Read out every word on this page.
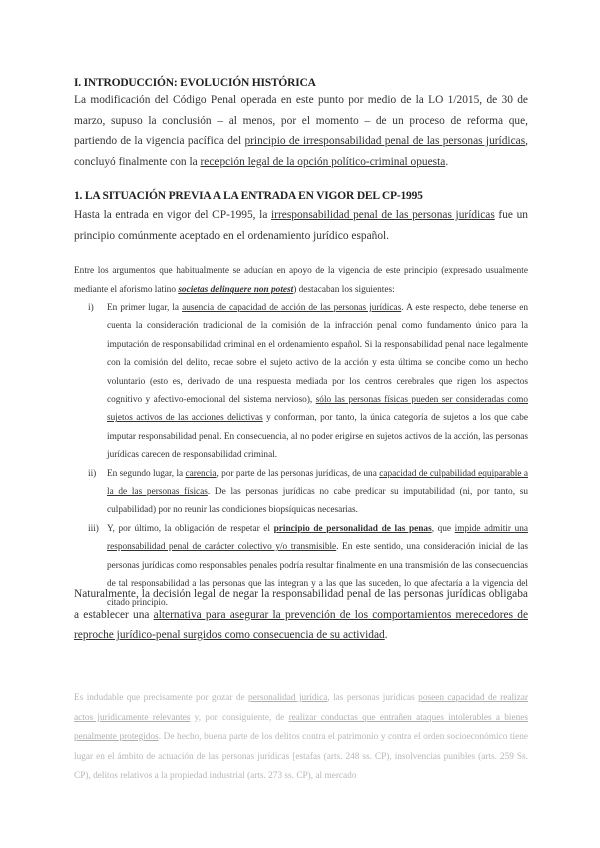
I. INTRODUCCIÓN: EVOLUCIÓN HISTÓRICA

La modificación del Código Penal operada en este punto por medio de la LO 1/2015, de 30 de marzo, supuso la conclusión – al menos, por el momento – de un proceso de reforma que, partiendo de la vigencia pacífica del principio de irresponsabilidad penal de las personas jurídicas, concluyó finalmente con la recepción legal de la opción político-criminal opuesta.

1. LA SITUACIÓN PREVIA A LA ENTRADA EN VIGOR DEL CP-1995

Hasta la entrada en vigor del CP-1995, la irresponsabilidad penal de las personas jurídicas fue un principio comúnmente aceptado en el ordenamiento jurídico español.

Entre los argumentos que habitualmente se aducían en apoyo de la vigencia de este principio (expresado usualmente mediante el aforismo latino societas delinquere non potest) destacaban los siguientes:

i) En primer lugar, la ausencia de capacidad de acción de las personas jurídicas. A este respecto, debe tenerse en cuenta la consideración tradicional de la comisión de la infracción penal como fundamento único para la imputación de responsabilidad criminal en el ordenamiento español. Si la responsabilidad penal nace legalmente con la comisión del delito, recae sobre el sujeto activo de la acción y esta última se concibe como un hecho voluntario (esto es, derivado de una respuesta mediada por los centros cerebrales que rigen los aspectos cognitivo y afectivo-emocional del sistema nervioso), sólo las personas físicas pueden ser consideradas como sujetos activos de las acciones delictivas y conforman, por tanto, la única categoría de sujetos a los que cabe imputar responsabilidad penal. En consecuencia, al no poder erigirse en sujetos activos de la acción, las personas jurídicas carecen de responsabilidad criminal.
ii) En segundo lugar, la carencia, por parte de las personas jurídicas, de una capacidad de culpabilidad equiparable a la de las personas físicas. De las personas jurídicas no cabe predicar su imputabilidad (ni, por tanto, su culpabilidad) por no reunir las condiciones biopsíquicas necesarias.
iii) Y, por último, la obligación de respetar el principio de personalidad de las penas, que impide admitir una responsabilidad penal de carácter colectivo y/o transmisible. En este sentido, una consideración inicial de las personas jurídicas como responsables penales podría resultar finalmente en una transmisión de las consecuencias de tal responsabilidad a las personas que las integran y a las que las suceden, lo que afectaría a la vigencia del citado principio.

Naturalmente, la decisión legal de negar la responsabilidad penal de las personas jurídicas obligaba a establecer una alternativa para asegurar la prevención de los comportamientos merecedores de reproche jurídico-penal surgidos como consecuencia de su actividad.

Es indudable que precisamente por gozar de personalidad jurídica, las personas jurídicas poseen capacidad de realizar actos jurídicamente relevantes y, por consiguiente, de realizar conductas que entrañen ataques intolerables a bienes penalmente protegidos. De hecho, buena parte de los delitos contra el patrimonio y contra el orden socioeconómico tiene lugar en el ámbito de actuación de las personas jurídicas [estafas (arts. 248 ss. CP), insolvencias punibles (arts. 259 Ss. CP), delitos relativos a la propiedad industrial (arts. 273 ss. CP), al mercado
